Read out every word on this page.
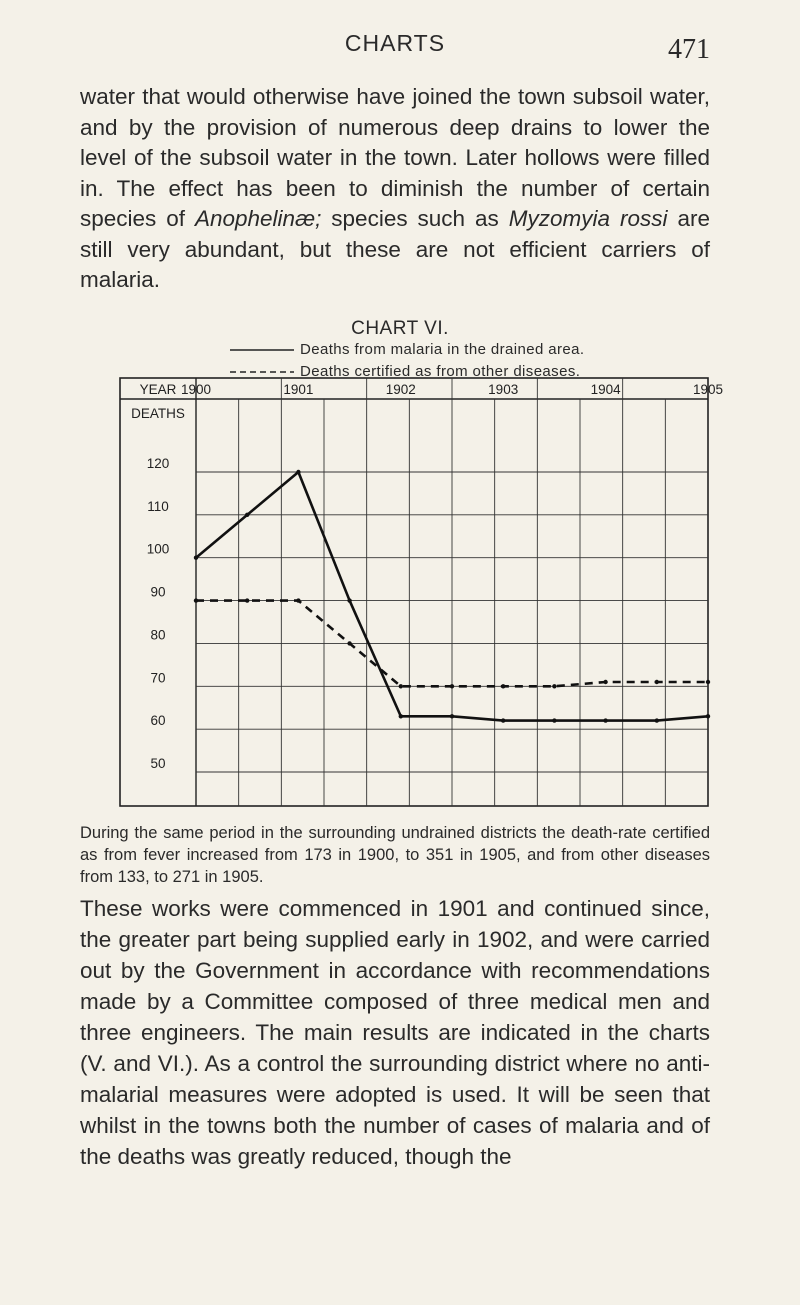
CHARTS	471

water that would otherwise have joined the town subsoil water, and by the provision of numerous deep drains to lower the level of the subsoil water in the town. Later hollows were filled in. The effect has been to diminish the number of certain species of Anophelinæ; species such as Myzomyia rossi are still very abundant, but these are not efficient carriers of malaria.

CHART VI.
Deaths from malaria in the drained area.
Deaths certified as from other diseases.
YEAR
DEATHS
1900	1901	1902	1903	1904	1905
120
110
100
90
80
70
60
50

During the same period in the surrounding undrained districts the death-rate certified as from fever increased from 173 in 1900, to 351 in 1905, and from other diseases from 133, to 271 in 1905.

These works were commenced in 1901 and continued since, the greater part being supplied early in 1902, and were carried out by the Government in accordance with recommendations made by a Committee composed of three medical men and three engineers. The main results are indicated in the charts (V. and VI.). As a control the surrounding district where no anti-malarial measures were adopted is used. It will be seen that whilst in the towns both the number of cases of malaria and of the deaths was greatly reduced, though the
